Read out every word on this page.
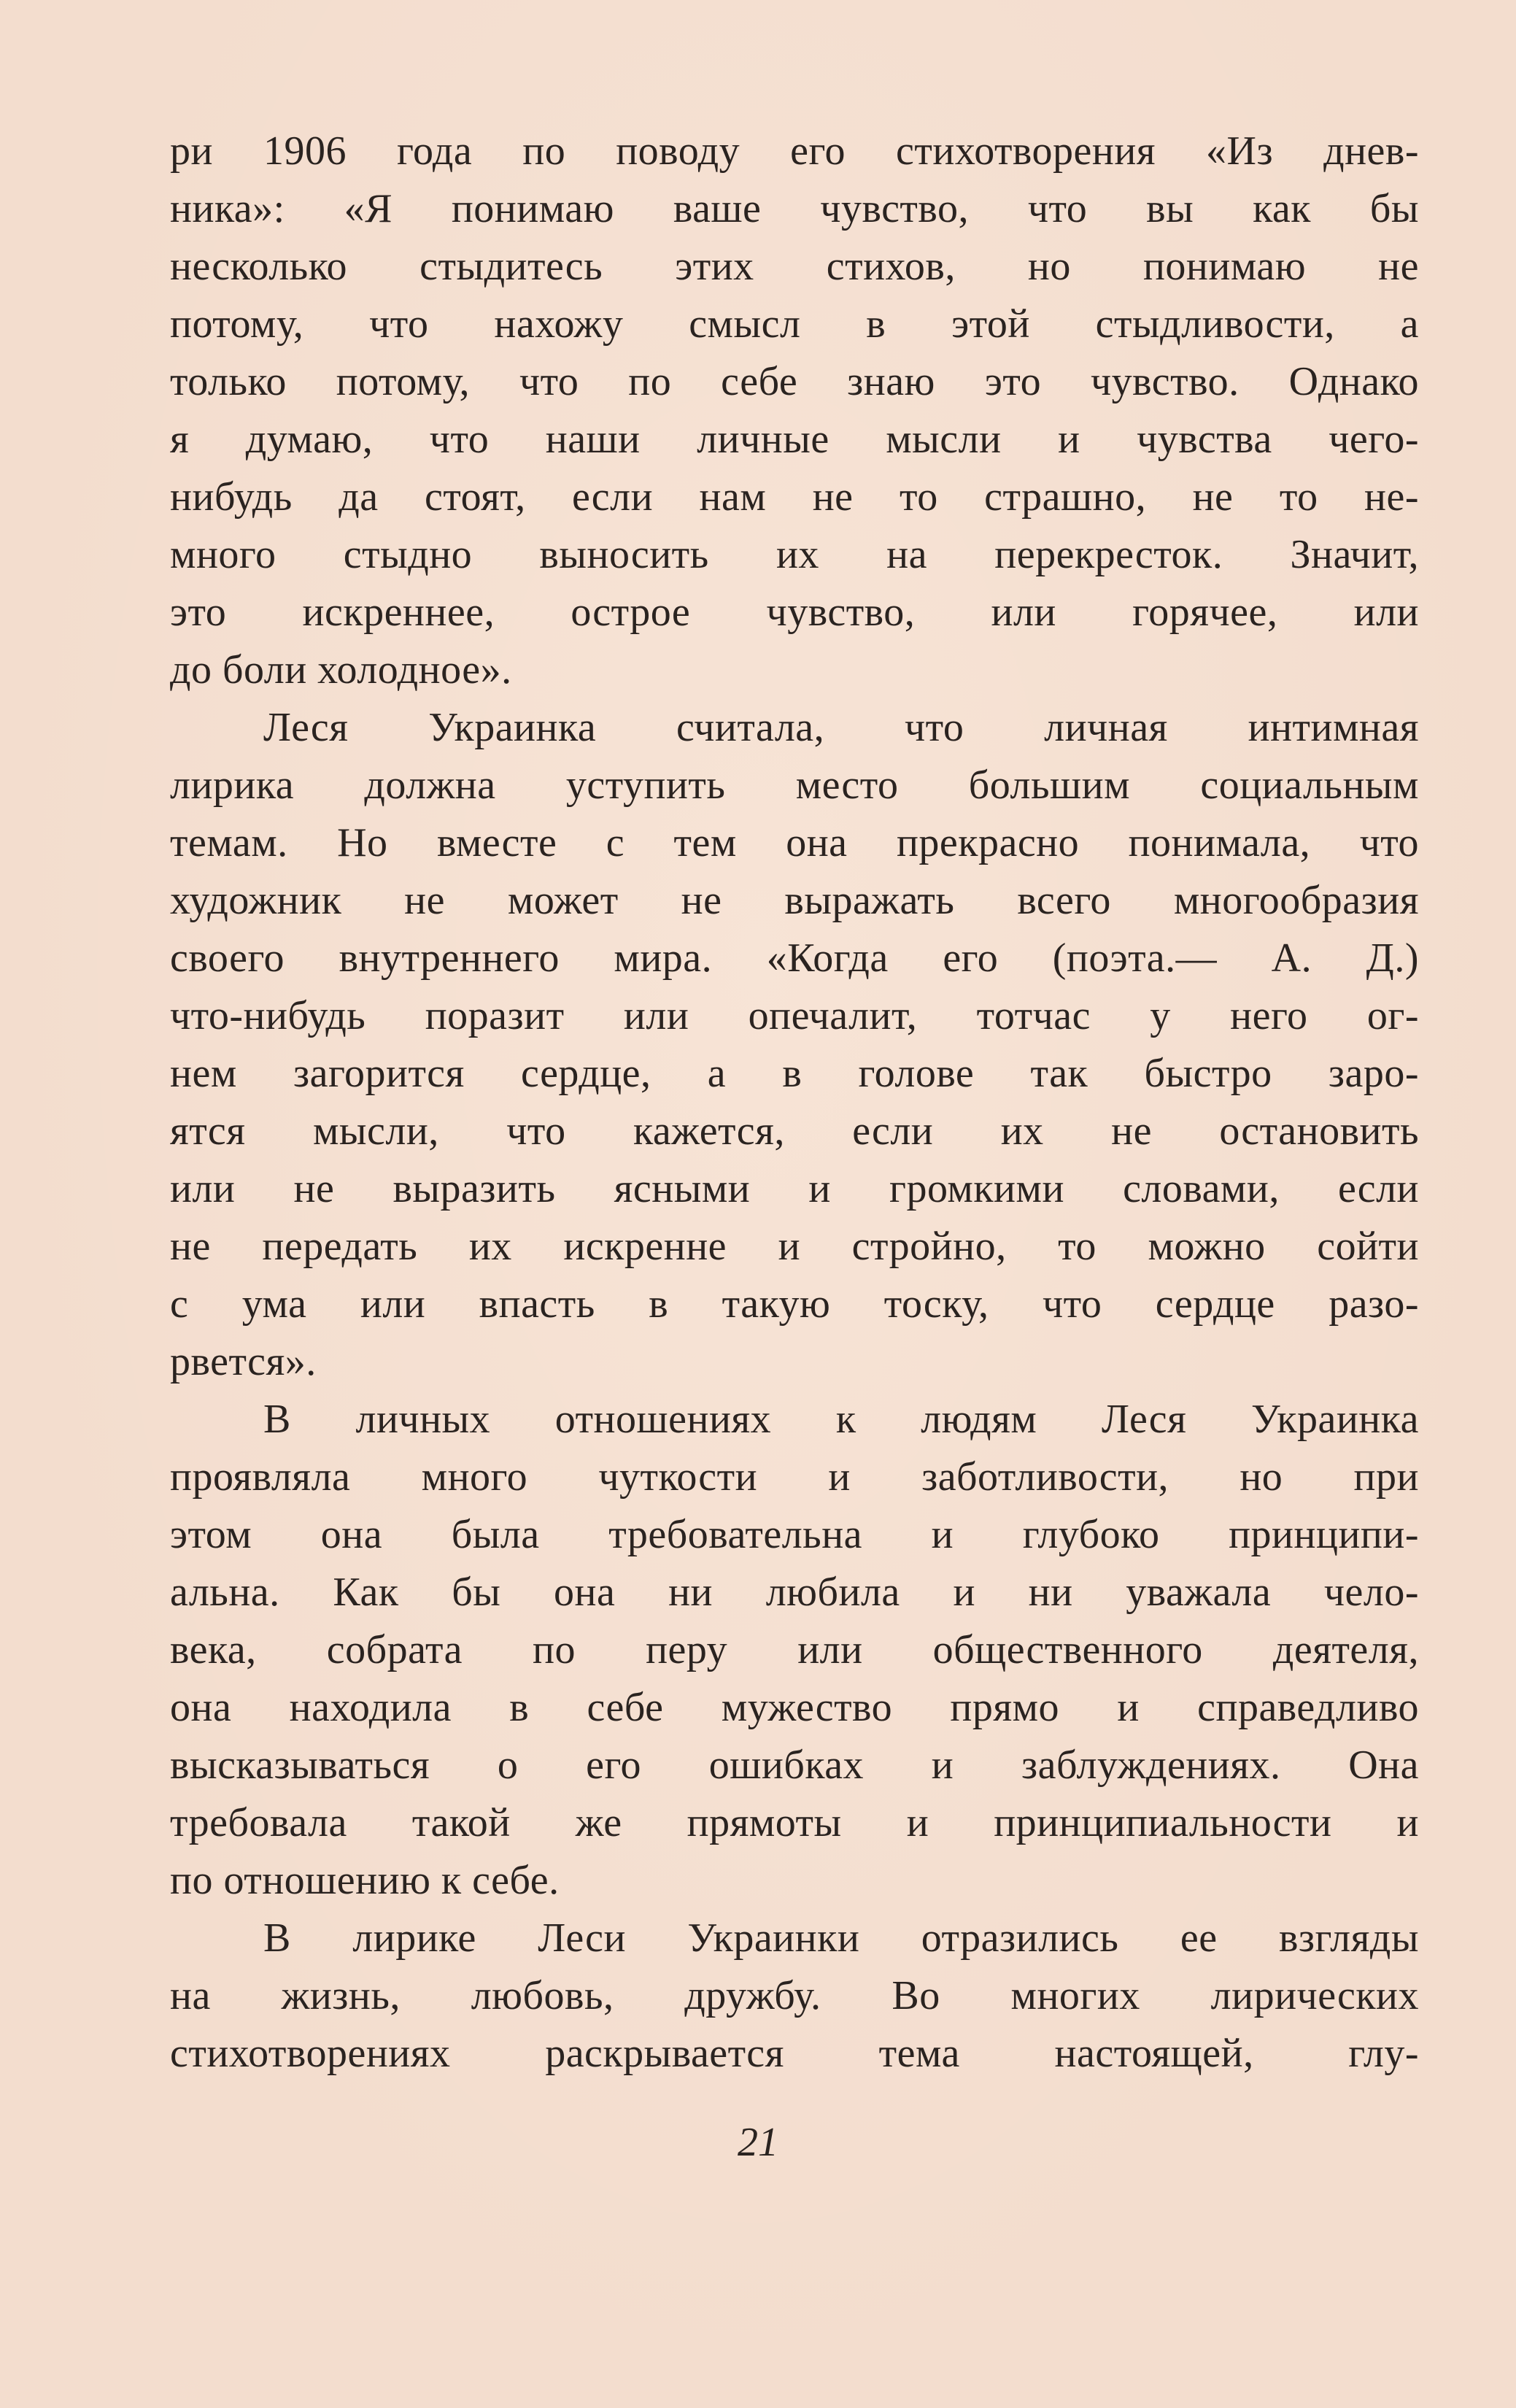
ри 1906 года по поводу его стихотворения «Из днев-
ника»: «Я понимаю ваше чувство, что вы как бы
несколько стыдитесь этих стихов, но понимаю не
потому, что нахожу смысл в этой стыдливости, а
только потому, что по себе знаю это чувство. Однако
я думаю, что наши личные мысли и чувства чего-
нибудь да стоят, если нам не то страшно, не то не-
много стыдно выносить их на перекресток. Значит,
это искреннее, острое чувство, или горячее, или
до боли холодное».
Леся Украинка считала, что личная интимная
лирика должна уступить место большим социальным
темам. Но вместе с тем она прекрасно понимала, что
художник не может не выражать всего многообразия
своего внутреннего мира. «Когда его (поэта.— А. Д.)
что-нибудь поразит или опечалит, тотчас у него ог-
нем загорится сердце, а в голове так быстро заро-
ятся мысли, что кажется, если их не остановить
или не выразить ясными и громкими словами, если
не передать их искренне и стройно, то можно сойти
с ума или впасть в такую тоску, что сердце разо-
рвется».
В личных отношениях к людям Леся Украинка
проявляла много чуткости и заботливости, но при
этом она была требовательна и глубоко принципи-
альна. Как бы она ни любила и ни уважала чело-
века, собрата по перу или общественного деятеля,
она находила в себе мужество прямо и справедливо
высказываться о его ошибках и заблуждениях. Она
требовала такой же прямоты и принципиальности и
по отношению к себе.
В лирике Леси Украинки отразились ее взгляды
на жизнь, любовь, дружбу. Во многих лирических
стихотворениях раскрывается тема настоящей, глу-
21
